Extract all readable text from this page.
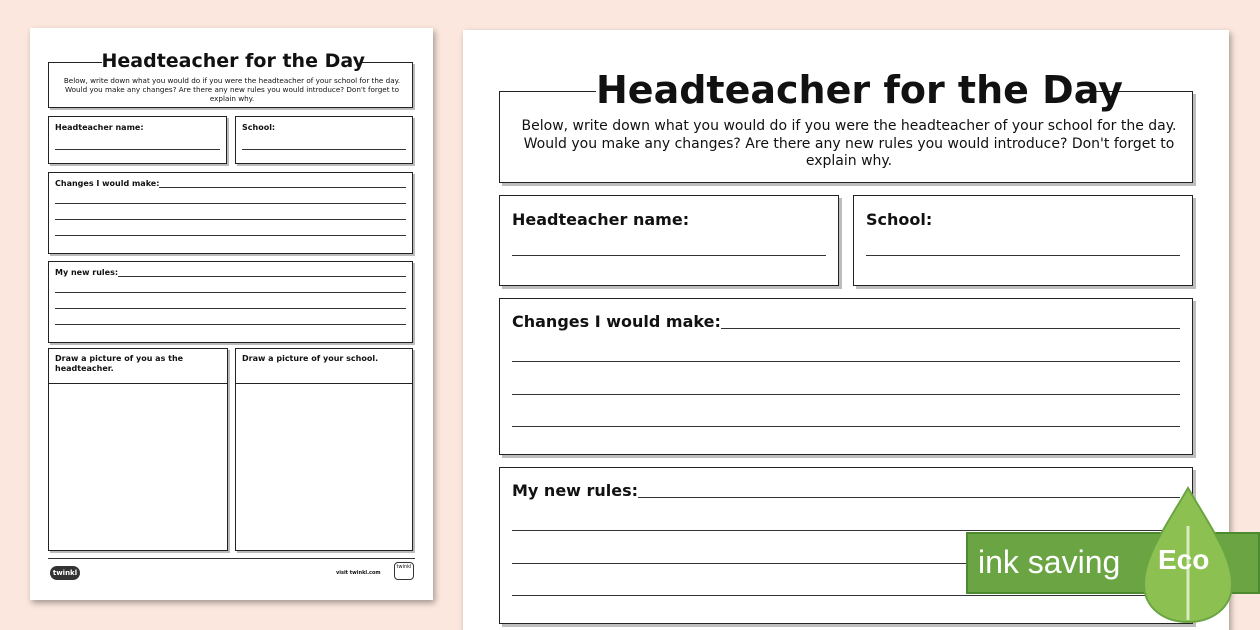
Headteacher for the Day
Below, write down what you would do if you were the headteacher of your school for the day. Would you make any changes? Are there any new rules you would introduce? Don't forget to explain why.
Headteacher name:	School:
Changes I would make:
My new rules:
Draw a picture of you as the headteacher.
Draw a picture of your school.
twinkl	visit twinkl.com
twinkl
Headteacher for the Day
Below, write down what you would do if you were the headteacher of your school for the day. Would you make any changes? Are there any new rules you would introduce? Don't forget to explain why.
Headteacher name:	School:
Changes I would make:
My new rules:
ink saving Eco
